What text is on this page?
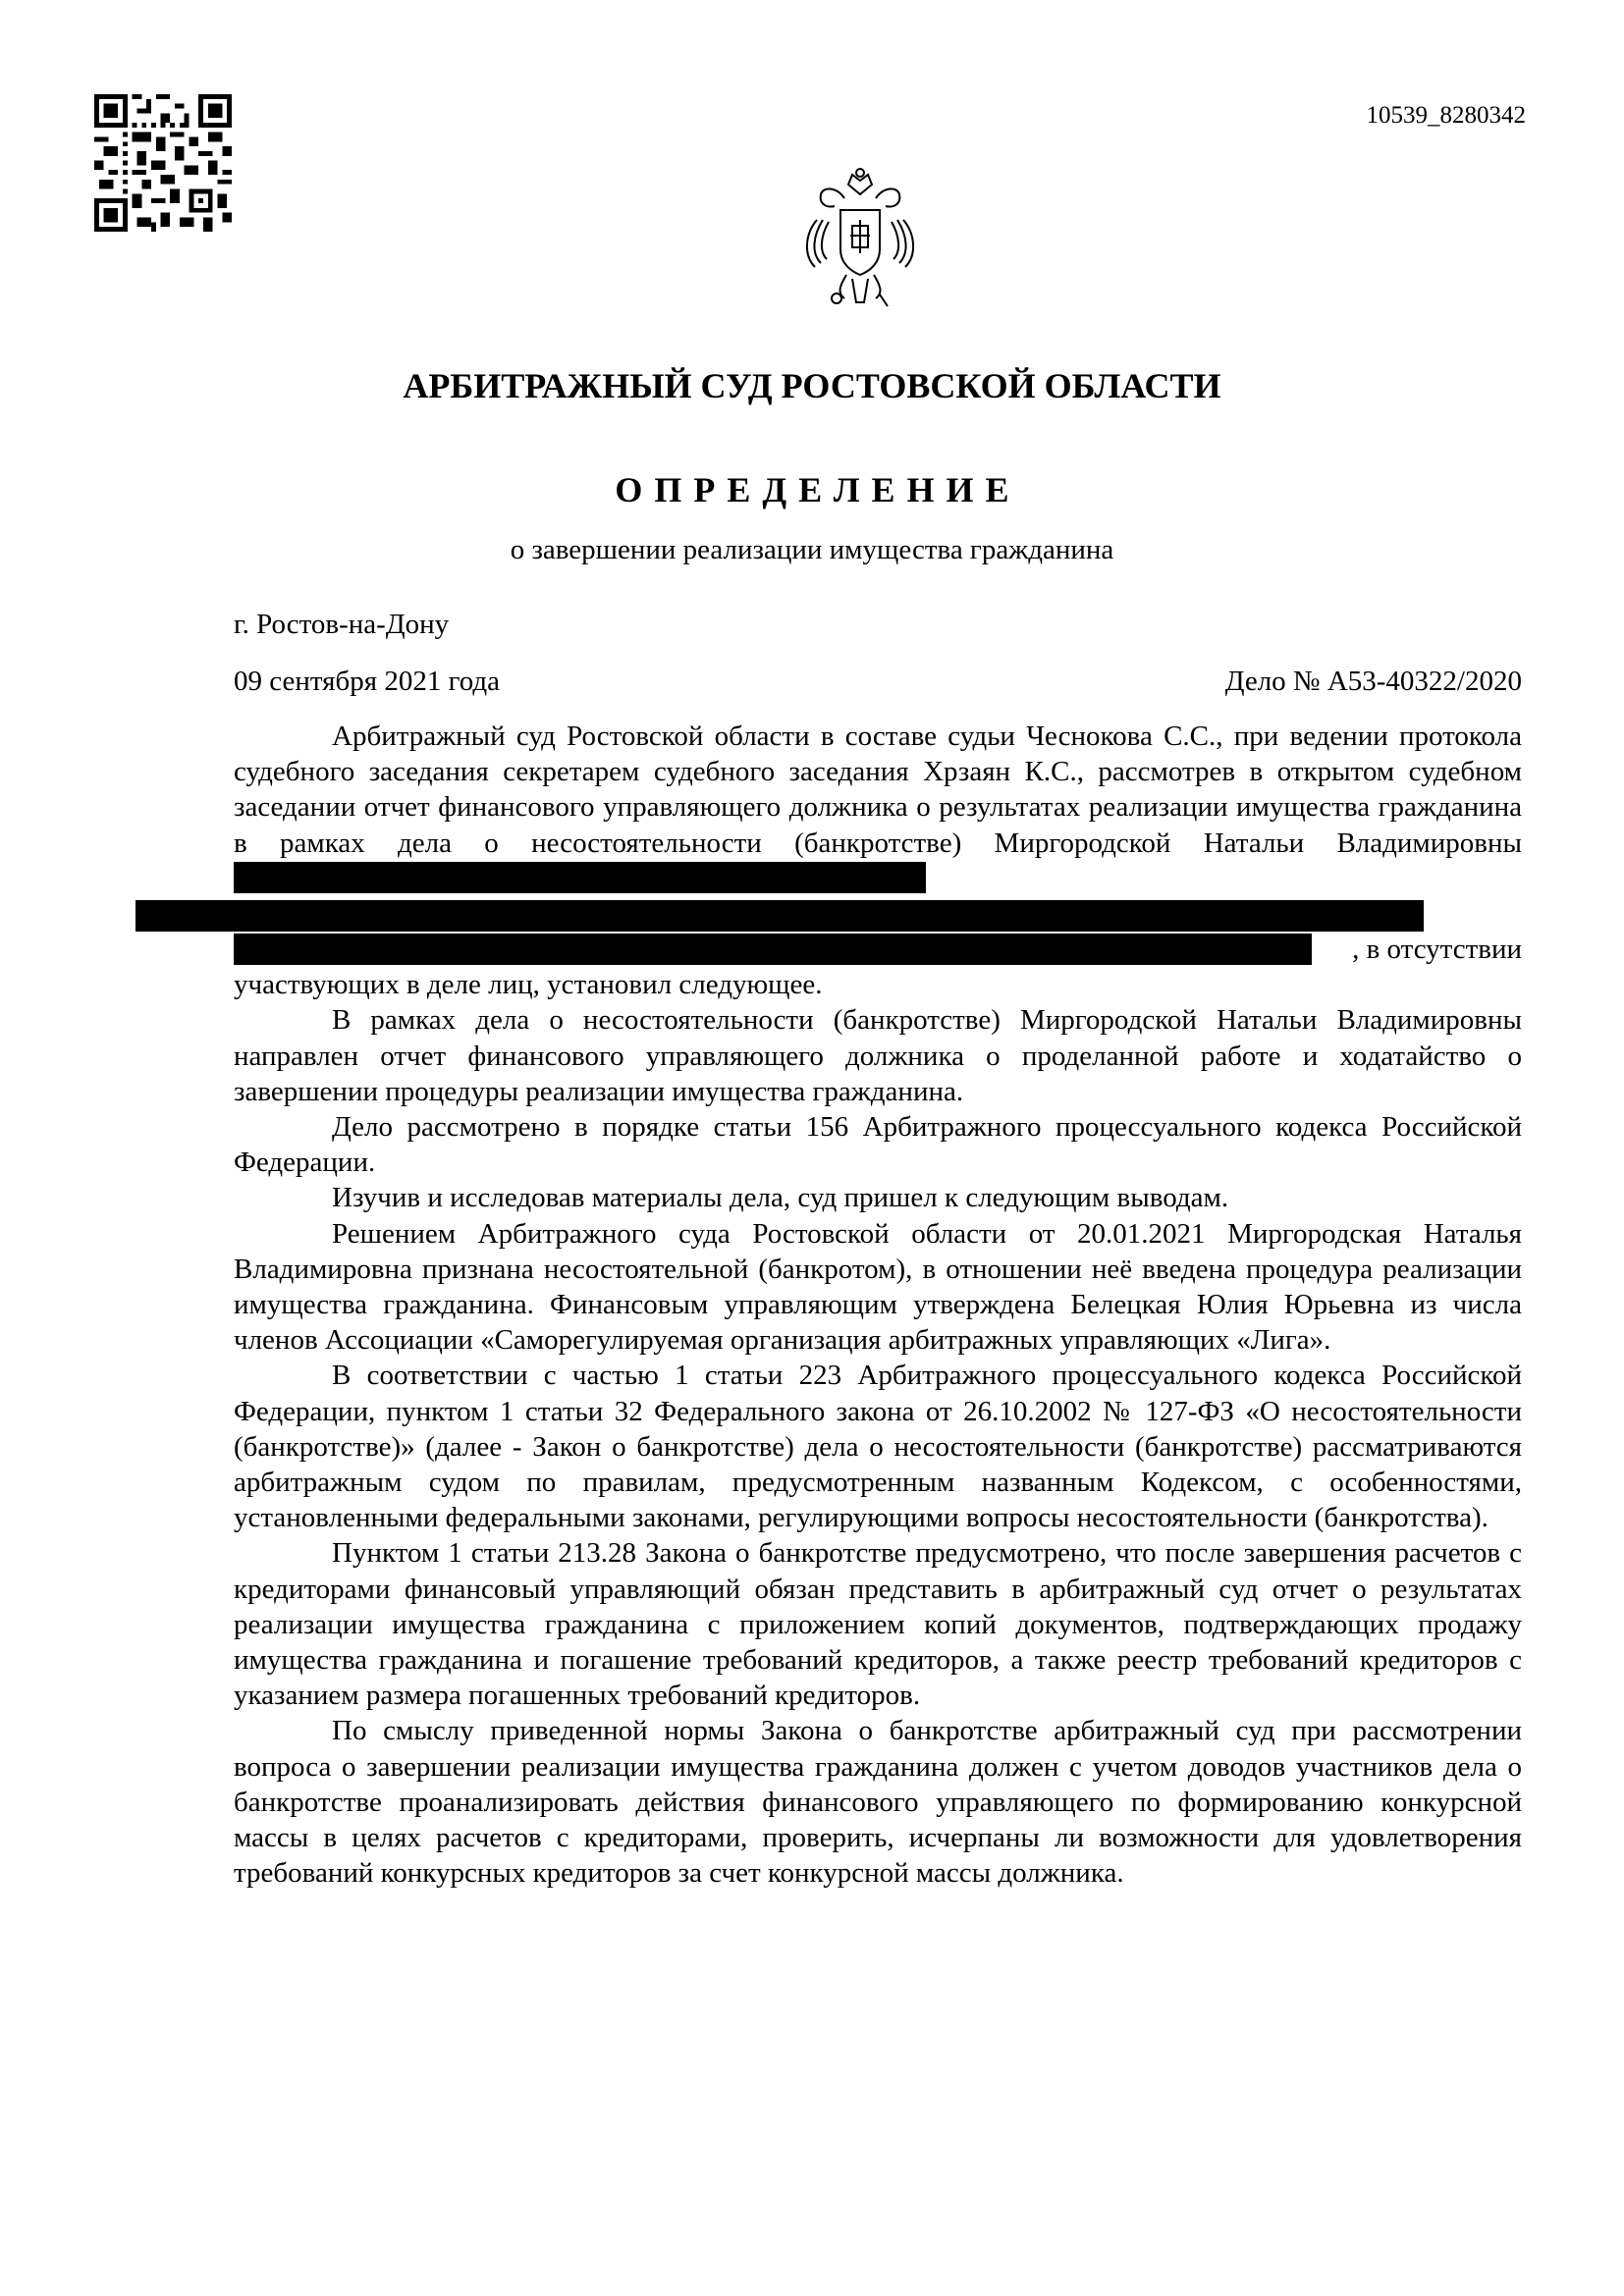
10539_8280342
АРБИТРАЖНЫЙ СУД РОСТОВСКОЙ ОБЛАСТИ
ОПРЕДЕЛЕНИЕ
о завершении реализации имущества гражданина
г. Ростов-на-Дону
09 сентября 2021 года	Дело № А53-40322/2020

Арбитражный суд Ростовской области в составе судьи Чеснокова С.С., при ведении протокола судебного заседания секретарем судебного заседания Хрзаян К.С., рассмотрев в открытом судебном заседании отчет финансового управляющего должника о результатах реализации имущества гражданина в рамках дела о несостоятельности (банкротстве) Миргородской Натальи Владимировны

, в отсутствии

участвующих в деле лиц, установил следующее.

В рамках дела о несостоятельности (банкротстве) Миргородской Натальи Владимировны направлен отчет финансового управляющего должника о проделанной работе и ходатайство о завершении процедуры реализации имущества гражданина.

Дело рассмотрено в порядке статьи 156 Арбитражного процессуального кодекса Российской Федерации.

Изучив и исследовав материалы дела, суд пришел к следующим выводам.

Решением Арбитражного суда Ростовской области от 20.01.2021 Миргородская Наталья Владимировна признана несостоятельной (банкротом), в отношении неё введена процедура реализации имущества гражданина. Финансовым управляющим утверждена Белецкая Юлия Юрьевна из числа членов Ассоциации «Саморегулируемая организация арбитражных управляющих «Лига».

В соответствии с частью 1 статьи 223 Арбитражного процессуального кодекса Российской Федерации, пунктом 1 статьи 32 Федерального закона от 26.10.2002 № 127-ФЗ «О несостоятельности (банкротстве)» (далее - Закон о банкротстве) дела о несостоятельности (банкротстве) рассматриваются арбитражным судом по правилам, предусмотренным названным Кодексом, с особенностями, установленными федеральными законами, регулирующими вопросы несостоятельности (банкротства).

Пунктом 1 статьи 213.28 Закона о банкротстве предусмотрено, что после завершения расчетов с кредиторами финансовый управляющий обязан представить в арбитражный суд отчет о результатах реализации имущества гражданина с приложением копий документов, подтверждающих продажу имущества гражданина и погашение требований кредиторов, а также реестр требований кредиторов с указанием размера погашенных требований кредиторов.

По смыслу приведенной нормы Закона о банкротстве арбитражный суд при рассмотрении вопроса о завершении реализации имущества гражданина должен с учетом доводов участников дела о банкротстве проанализировать действия финансового управляющего по формированию конкурсной массы в целях расчетов с кредиторами, проверить, исчерпаны ли возможности для удовлетворения требований конкурсных кредиторов за счет конкурсной массы должника.
